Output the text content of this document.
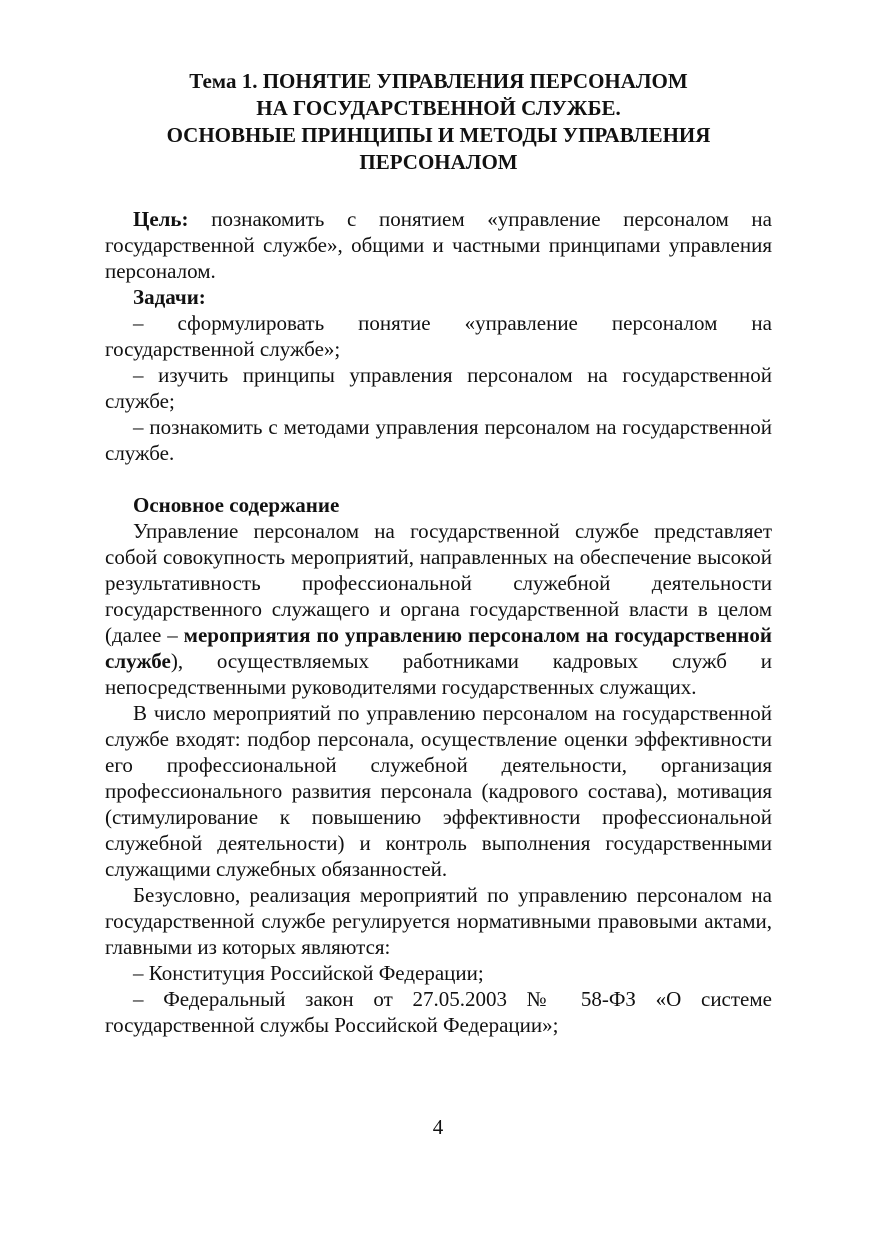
Тема 1. ПОНЯТИЕ УПРАВЛЕНИЯ ПЕРСОНАЛОМ
НА ГОСУДАРСТВЕННОЙ СЛУЖБЕ.
ОСНОВНЫЕ ПРИНЦИПЫ И МЕТОДЫ УПРАВЛЕНИЯ
ПЕРСОНАЛОМ

Цель: познакомить с понятием «управление персоналом на государственной службе», общими и частными принципами управления персоналом.

Задачи:

– сформулировать понятие «управление персоналом на государственной службе»;

– изучить принципы управления персоналом на государственной службе;

– познакомить с методами управления персоналом на государственной службе.

Основное содержание

Управление персоналом на государственной службе представляет собой совокупность мероприятий, направленных на обеспечение высокой результативность профессиональной служебной деятельности государственного служащего и органа государственной власти в целом (далее – мероприятия по управлению персоналом на государственной службе), осуществляемых работниками кадровых служб и непосредственными руководителями государственных служащих.

В число мероприятий по управлению персоналом на государственной службе входят: подбор персонала, осуществление оценки эффективности его профессиональной служебной деятельности, организация профессионального развития персонала (кадрового состава), мотивация (стимулирование к повышению эффективности профессиональной служебной деятельности) и контроль выполнения государственными служащими служебных обязанностей.

Безусловно, реализация мероприятий по управлению персоналом на государственной службе регулируется нормативными правовыми актами, главными из которых являются:

– Конституция Российской Федерации;

– Федеральный закон от 27.05.2003 № 58-ФЗ «О системе государственной службы Российской Федерации»;

4
